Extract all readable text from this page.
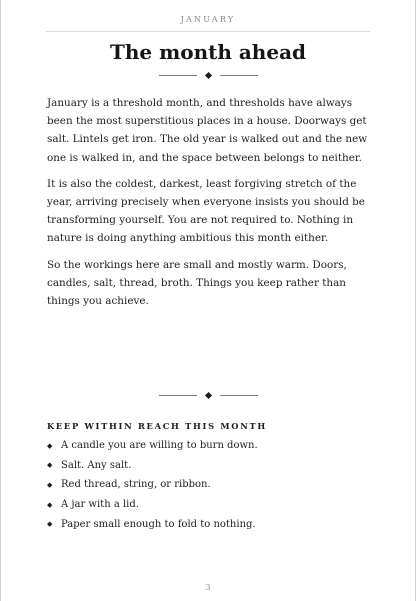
JANUARY
The month ahead

January is a threshold month, and thresholds have always been the most superstitious places in a house. Doorways get salt. Lintels get iron. The old year is walked out and the new one is walked in, and the space between belongs to neither.

It is also the coldest, darkest, least forgiving stretch of the year, arriving precisely when everyone insists you should be transforming yourself. You are not required to. Nothing in nature is doing anything ambitious this month either.

So the workings here are small and mostly warm. Doors, candles, salt, thread, broth. Things you keep rather than things you achieve.

KEEP WITHIN REACH THIS MONTH
◆ A candle you are willing to burn down.
◆ Salt. Any salt.
◆ Red thread, string, or ribbon.
◆ A jar with a lid.
◆ Paper small enough to fold to nothing.
3
